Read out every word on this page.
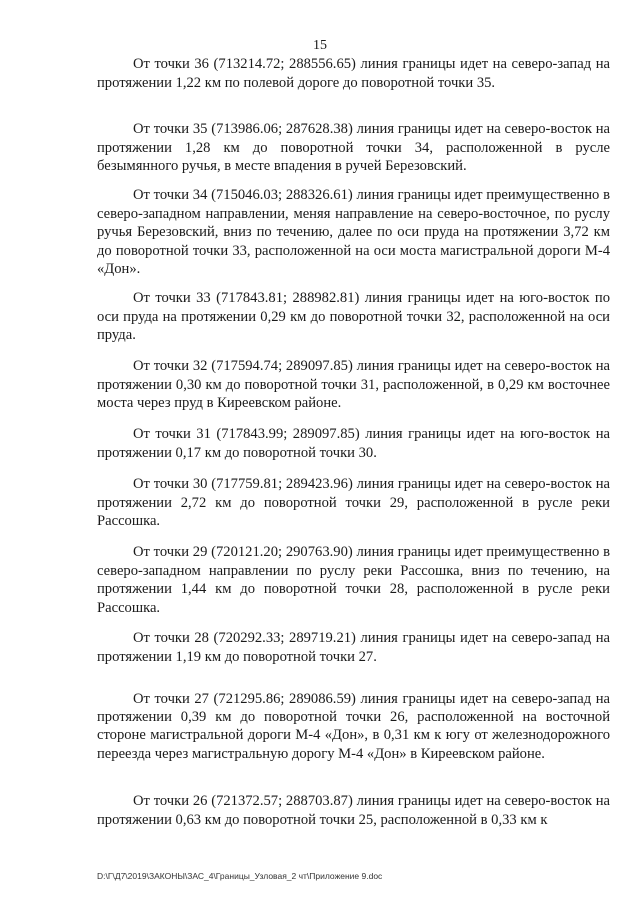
15

От точки 36 (713214.72; 288556.65) линия границы идет на северо-запад на протяжении 1,22 км по полевой дороге до поворотной точки 35.

От точки 35 (713986.06; 287628.38) линия границы идет на северо-восток на протяжении 1,28 км до поворотной точки 34, расположенной в русле безымянного ручья, в месте впадения в ручей Березовский.

От точки 34 (715046.03; 288326.61) линия границы идет преимущественно в северо-западном направлении, меняя направление на северо-восточное, по руслу ручья Березовский, вниз по течению, далее по оси пруда на протяжении 3,72 км до поворотной точки 33, расположенной на оси моста магистральной дороги М-4 «Дон».

От точки 33 (717843.81; 288982.81) линия границы идет на юго-восток по оси пруда на протяжении 0,29 км до поворотной точки 32, расположенной на оси пруда.

От точки 32 (717594.74; 289097.85) линия границы идет на северо-восток на протяжении 0,30 км до поворотной точки 31, расположенной, в 0,29 км восточнее моста через пруд в Киреевском районе.

От точки 31 (717843.99; 289097.85) линия границы идет на юго-восток на протяжении 0,17 км до поворотной точки 30.

От точки 30 (717759.81; 289423.96) линия границы идет на северо-восток на протяжении 2,72 км до поворотной точки 29, расположенной в русле реки Рассошка.

От точки 29 (720121.20; 290763.90) линия границы идет преимущественно в северо-западном направлении по руслу реки Рассошка, вниз по течению, на протяжении 1,44 км до поворотной точки 28, расположенной в русле реки Рассошка.

От точки 28 (720292.33; 289719.21) линия границы идет на северо-запад на протяжении 1,19 км до поворотной точки 27.

От точки 27 (721295.86; 289086.59) линия границы идет на северо-запад на протяжении 0,39 км до поворотной точки 26, расположенной на восточной стороне магистральной дороги М-4 «Дон», в 0,31 км к югу от железнодорожного переезда через магистральную дорогу М-4 «Дон» в Киреевском районе.

От точки 26 (721372.57; 288703.87) линия границы идет на северо-восток на протяжении 0,63 км до поворотной точки 25, расположенной в 0,33 км к

D:\Г\Д7\2019\ЗАКОНЫ\ЗАС_4\Границы_Узловая_2 чт\Приложение 9.doc
